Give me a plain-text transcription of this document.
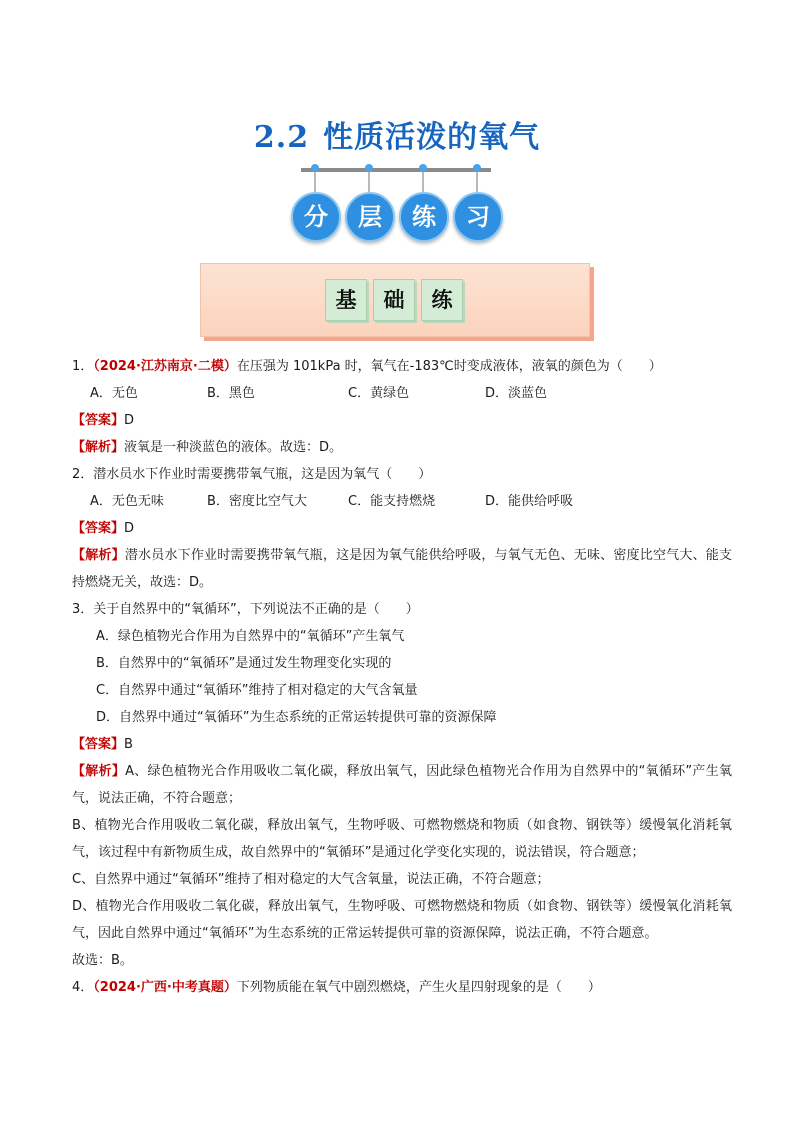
2.2 性质活泼的氧气
分	层	练	习
基	础	练
1．（2024·江苏南京·二模）在压强为 101kPa 时，氧气在-183℃时变成液体，液氧的颜色为（　　）
A．无色	B．黑色	C．黄绿色	D．淡蓝色
【答案】D
【解析】液氧是一种淡蓝色的液体。故选：D。
2．潜水员水下作业时需要携带氧气瓶，这是因为氧气（　　）
A．无色无味	B．密度比空气大	C．能支持燃烧	D．能供给呼吸
【答案】D
【解析】潜水员水下作业时需要携带氧气瓶，这是因为氧气能供给呼吸，与氧气无色、无味、密度比空气大、能支持燃烧无关，故选：D。
3．关于自然界中的“氧循环”，下列说法不正确的是（　　）
A．绿色植物光合作用为自然界中的“氧循环”产生氧气
B．自然界中的“氧循环”是通过发生物理变化实现的
C．自然界中通过“氧循环”维持了相对稳定的大气含氧量
D．自然界中通过“氧循环”为生态系统的正常运转提供可靠的资源保障
【答案】B
【解析】A、绿色植物光合作用吸收二氧化碳，释放出氧气，因此绿色植物光合作用为自然界中的“氧循环”产生氧气，说法正确，不符合题意；
B、植物光合作用吸收二氧化碳，释放出氧气，生物呼吸、可燃物燃烧和物质（如食物、钢铁等）缓慢氧化消耗氧气，该过程中有新物质生成，故自然界中的“氧循环”是通过化学变化实现的，说法错误，符合题意；
C、自然界中通过“氧循环”维持了相对稳定的大气含氧量，说法正确，不符合题意；
D、植物光合作用吸收二氧化碳，释放出氧气，生物呼吸、可燃物燃烧和物质（如食物、钢铁等）缓慢氧化消耗氧气，因此自然界中通过“氧循环”为生态系统的正常运转提供可靠的资源保障，说法正确，不符合题意。
故选：B。
4．（2024·广西·中考真题）下列物质能在氧气中剧烈燃烧，产生火星四射现象的是（　　）
